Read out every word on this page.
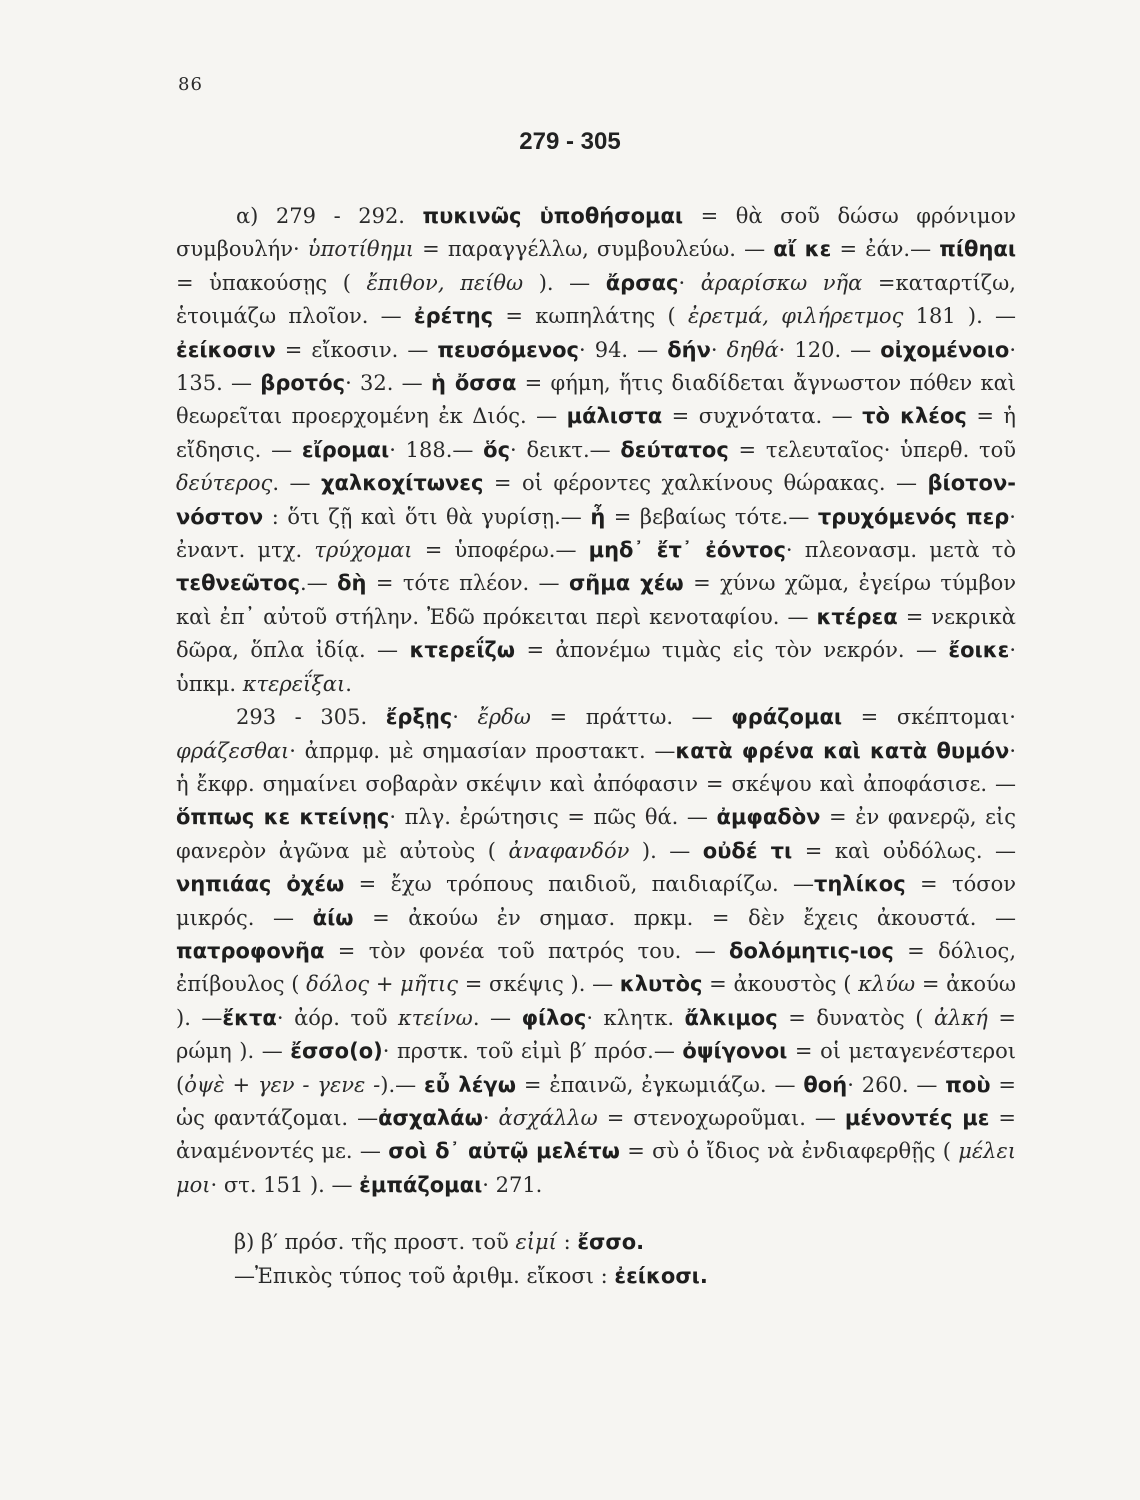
86
279 - 305

α) 279 - 292. πυκινῶς ὑποθήσομαι = θὰ σοῦ δώσω φρόνιμον συμβουλήν· ὑποτίθημι = παραγγέλλω, συμβουλεύω. — αἴ κε = ἐάν.— πίθηαι = ὑπακούσῃς ( ἔπιθον, πείθω ). — ἄρσας· ἀραρίσκω νῆα =καταρτίζω, ἑτοιμάζω πλοῖον. — ἐρέτης = κωπηλάτης ( ἐρετμά, φιλήρετμος 181 ). — ἐείκοσιν = εἴκοσιν. — πευσόμενος· 94. — δήν· δηθά· 120. — οἰχομένοιο· 135. — βροτός· 32. — ἡ ὄσσα = φήμη, ἥτις διαδίδεται ἄγνωστον πόθεν καὶ θεωρεῖται προερχομένη ἐκ Διός. — μάλιστα = συχνότατα. — τὸ κλέος = ἡ εἴδησις. — εἴρομαι· 188.— ὅς· δεικτ.— δεύτατος = τελευταῖος· ὑπερθ. τοῦ δεύτερος. — χαλκοχίτωνες = οἱ φέροντες χαλκίνους θώρακας. — βίοτον-νόστον : ὅτι ζῇ καὶ ὅτι θὰ γυρίσῃ.— ἦ = βεβαίως τότε.— τρυχόμενός περ· ἐναντ. μτχ. τρύχομαι = ὑποφέρω.— μηδ᾿ ἔτ᾿ ἐόντος· πλεονασμ. μετὰ τὸ τεθνεῶτος.— δὴ = τότε πλέον. — σῆμα χέω = χύνω χῶμα, ἐγείρω τύμβον καὶ ἐπ᾿ αὐτοῦ στήλην. Ἐδῶ πρόκειται περὶ κενοταφίου. — κτέρεα = νεκρικὰ δῶρα, ὅπλα ἰδίᾳ. — κτερεΐζω = ἀπονέμω τιμὰς εἰς τὸν νεκρόν. — ἔοικε· ὑπκμ. κτερεΐξαι.

293 - 305. ἔρξῃς· ἔρδω = πράττω. — φράζομαι = σκέπτομαι· φράζεσθαι· ἀπρμφ. μὲ σημασίαν προστακτ. —κατὰ φρένα καὶ κατὰ θυμόν· ἡ ἔκφρ. σημαίνει σοβαρὰν σκέψιν καὶ ἀπόφασιν = σκέψου καὶ ἀποφάσισε. — ὅππως κε κτείνῃς· πλγ. ἐρώτησις = πῶς θά. — ἀμφαδὸν = ἐν φανερῷ, εἰς φανερὸν ἀγῶνα μὲ αὐτοὺς ( ἀναφανδόν ). — οὐδέ τι = καὶ οὐδόλως. — νηπιάας ὀχέω = ἔχω τρόπους παιδιοῦ, παιδιαρίζω. —τηλίκος = τόσον μικρός. — ἀίω = ἀκούω ἐν σημασ. πρκμ. = δὲν ἔχεις ἀκουστά. — πατροφονῆα = τὸν φονέα τοῦ πατρός του. — δολόμητις-ιος = δόλιος, ἐπίβουλος ( δόλος + μῆτις = σκέψις ). — κλυτὸς = ἀκουστὸς ( κλύω = ἀκούω ). —ἔκτα· ἀόρ. τοῦ κτείνω. — φίλος· κλητκ. ἄλκιμος = δυνατὸς ( ἀλκή = ρώμη ). — ἔσσο(ο)· πρστκ. τοῦ εἰμὶ β′ πρόσ.— ὀψίγονοι = οἱ μεταγενέστεροι (ὀψὲ + γεν - γενε -).— εὖ λέγω = ἐπαινῶ, ἐγκωμιάζω. — θοή· 260. — ποὺ = ὡς φαντάζομαι. —ἀσχαλάω· ἀσχάλλω = στενοχωροῦμαι. — μένοντές με = ἀναμένοντές με. — σοὶ δ᾿ αὐτῷ μελέτω = σὺ ὁ ἴδιος νὰ ἐνδιαφερθῇς ( μέλει μοι· στ. 151 ). — ἐμπάζομαι· 271.

β) β′ πρόσ. τῆς προστ. τοῦ εἰμί : ἔσσο.

—Ἐπικὸς τύπος τοῦ ἀριθμ. εἴκοσι : ἐείκοσι.
